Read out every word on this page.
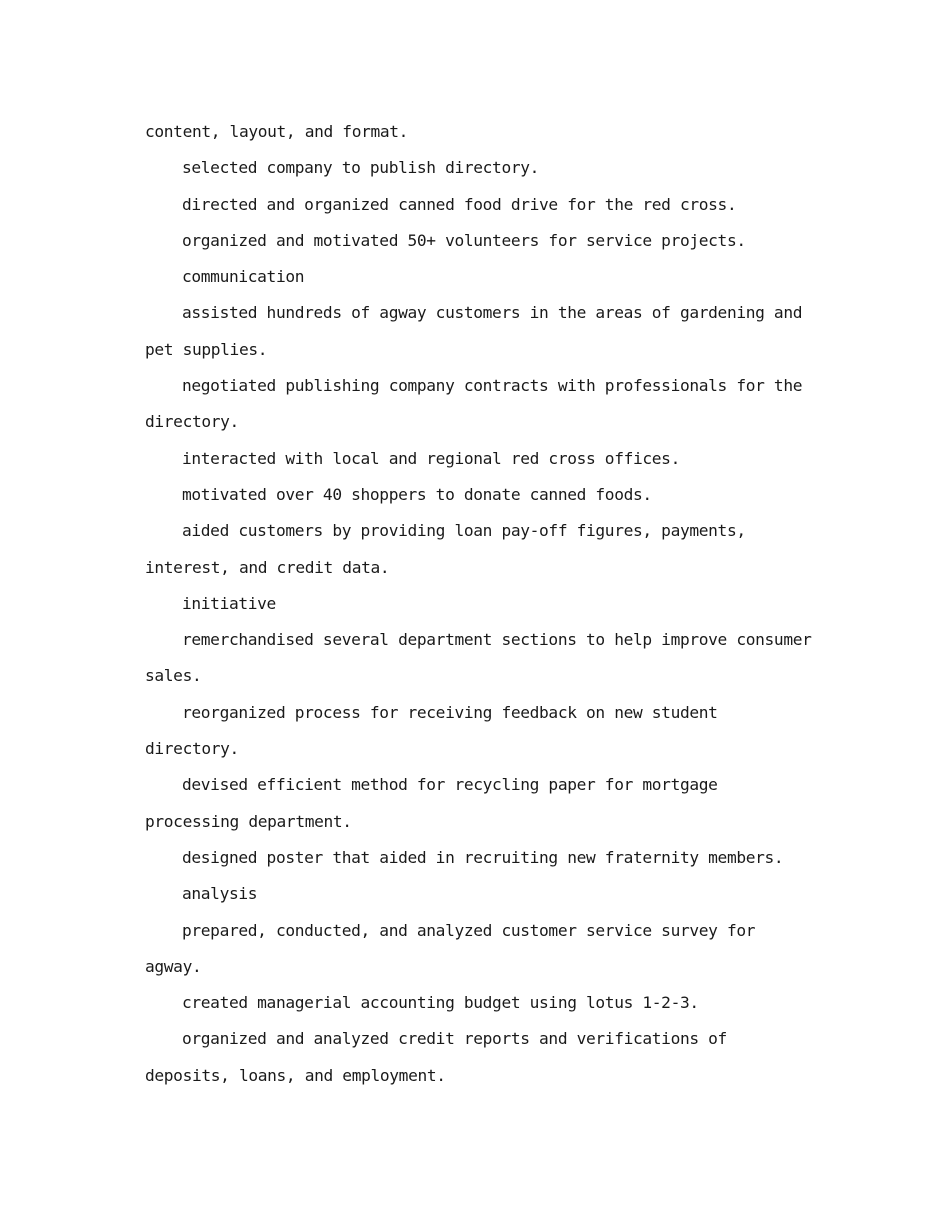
content, layout, and format.

selected company to publish directory.

directed and organized canned food drive for the red cross.

organized and motivated 50+ volunteers for service projects.

communication

assisted hundreds of agway customers in the areas of gardening and

pet supplies.

negotiated publishing company contracts with professionals for the

directory.

interacted with local and regional red cross offices.

motivated over 40 shoppers to donate canned foods.

aided customers by providing loan pay-off figures, payments,

interest, and credit data.

initiative

remerchandised several department sections to help improve consumer

sales.

reorganized process for receiving feedback on new student

directory.

devised efficient method for recycling paper for mortgage

processing department.

designed poster that aided in recruiting new fraternity members.

analysis

prepared, conducted, and analyzed customer service survey for

agway.

created managerial accounting budget using lotus 1-2-3.

organized and analyzed credit reports and verifications of

deposits, loans, and employment.
